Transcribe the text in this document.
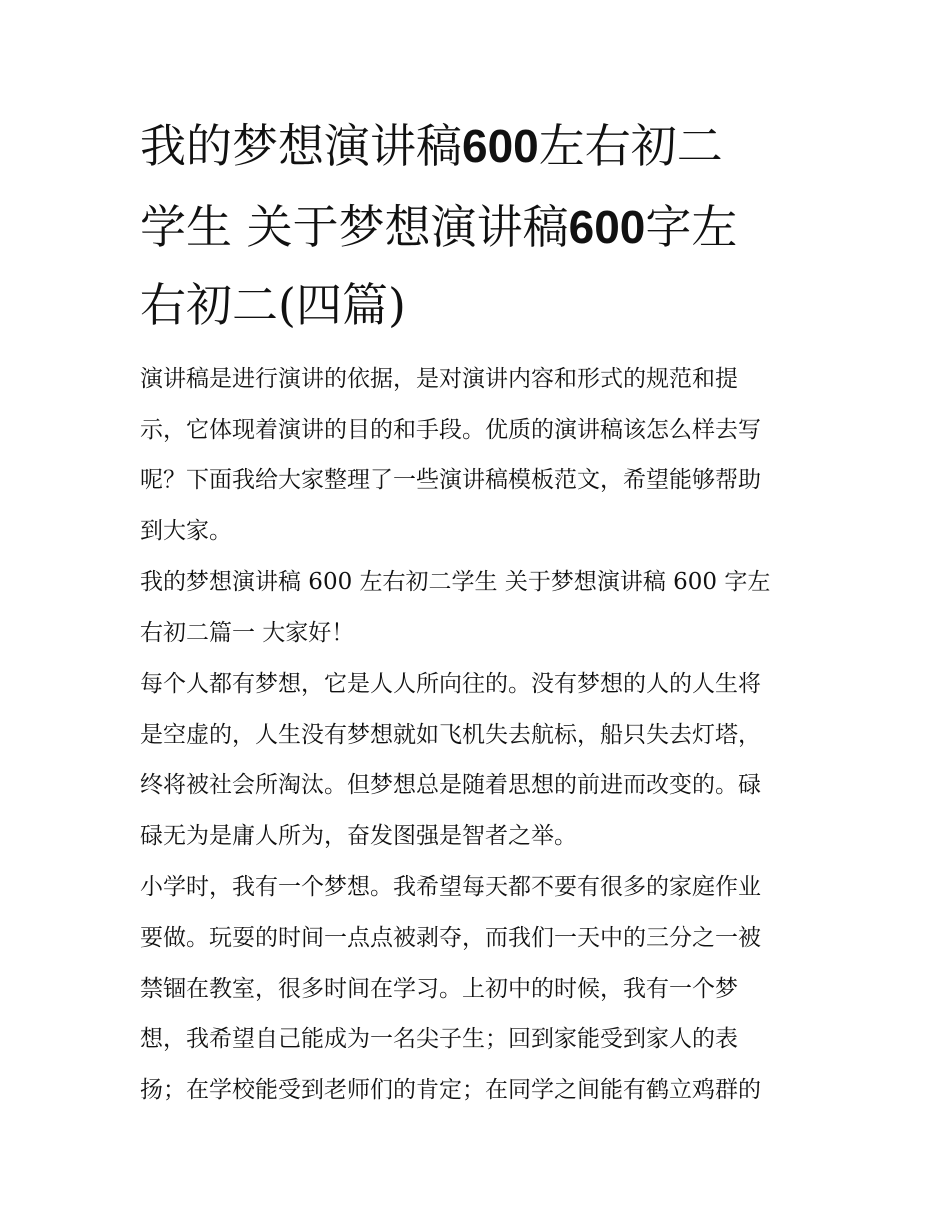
我的梦想演讲稿600左右初二
学生 关于梦想演讲稿600字左
右初二(四篇)

演讲稿是进行演讲的依据，是对演讲内容和形式的规范和提

示，它体现着演讲的目的和手段。优质的演讲稿该怎么样去写

呢？下面我给大家整理了一些演讲稿模板范文，希望能够帮助

到大家。

我的梦想演讲稿 600 左右初二学生 关于梦想演讲稿 600 字左

右初二篇一 大家好！

每个人都有梦想，它是人人所向往的。没有梦想的人的人生将

是空虚的，人生没有梦想就如飞机失去航标，船只失去灯塔，

终将被社会所淘汰。但梦想总是随着思想的前进而改变的。碌

碌无为是庸人所为，奋发图强是智者之举。

小学时，我有一个梦想。我希望每天都不要有很多的家庭作业

要做。玩耍的时间一点点被剥夺，而我们一天中的三分之一被

禁锢在教室，很多时间在学习。上初中的时候，我有一个梦

想，我希望自己能成为一名尖子生；回到家能受到家人的表

扬；在学校能受到老师们的肯定；在同学之间能有鹤立鸡群的
